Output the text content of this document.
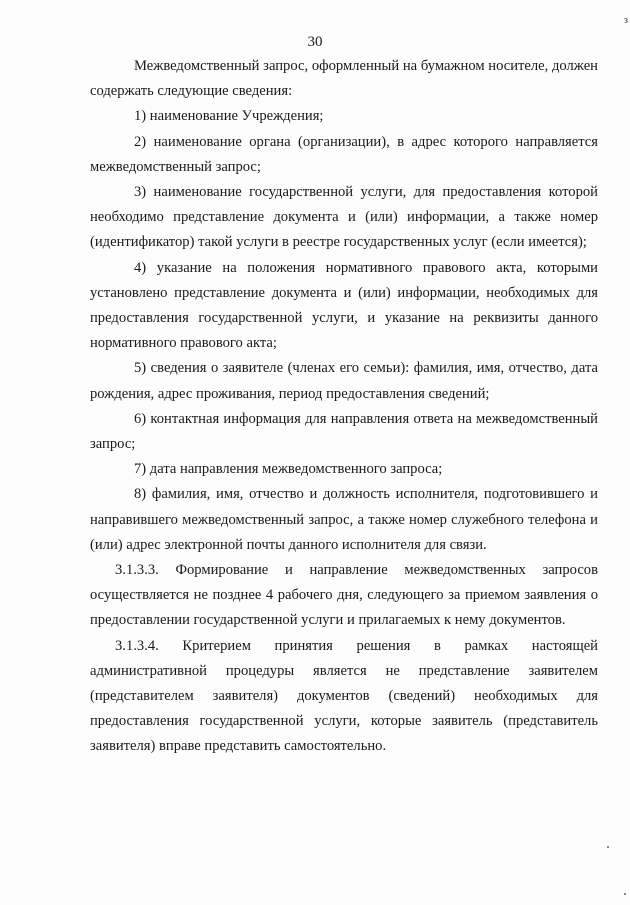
з
30

Межведомственный запрос, оформленный на бумажном носителе, должен содержать следующие сведения:

1) наименование Учреждения;

2) наименование органа (организации), в адрес которого направляется межведомственный запрос;

3) наименование государственной услуги, для предоставления которой необходимо представление документа и (или) информации, а также номер (идентификатор) такой услуги в реестре государственных услуг (если имеется);

4) указание на положения нормативного правового акта, которыми установлено представление документа и (или) информации, необходимых для предоставления государственной услуги, и указание на реквизиты данного нормативного правового акта;

5) сведения о заявителе (членах его семьи): фамилия, имя, отчество, дата рождения, адрес проживания, период предоставления сведений;

6) контактная информация для направления ответа на межведомственный запрос;

7) дата направления межведомственного запроса;

8) фамилия, имя, отчество и должность исполнителя, подготовившего и направившего межведомственный запрос, а также номер служебного телефона и (или) адрес электронной почты данного исполнителя для связи.

3.1.3.3. Формирование и направление межведомственных запросов осуществляется не позднее 4 рабочего дня, следующего за приемом заявления о предоставлении государственной услуги и прилагаемых к нему документов.

3.1.3.4. Критерием принятия решения в рамках настоящей административной процедуры является не представление заявителем (представителем заявителя) документов (сведений) необходимых для предоставления государственной услуги, которые заявитель (представитель заявителя) вправе представить самостоятельно.
